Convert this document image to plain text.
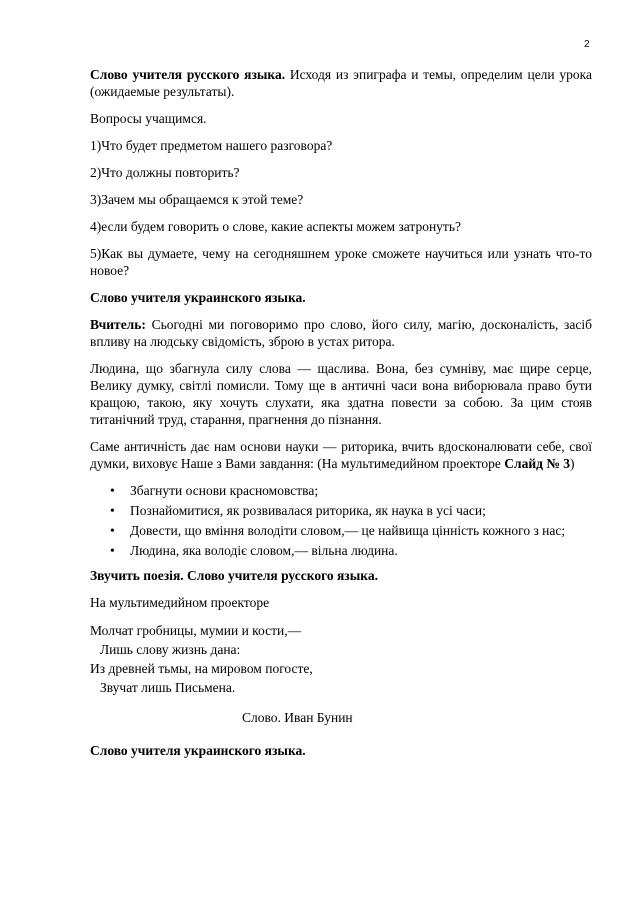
2

Слово учителя русского языка. Исходя из эпиграфа и темы, определим цели урока (ожидаемые результаты).

Вопросы учащимся.

1)Что будет предметом нашего разговора?

2)Что должны повторить?

3)Зачем мы обращаемся к этой теме?

4)если будем говорить о слове, какие аспекты можем затронуть?

5)Как вы думаете, чему на сегодняшнем уроке сможете научиться или узнать что-то новое?

Слово учителя украинского языка.

Вчитель: Сьогодні ми поговоримо про слово, його силу, магію, досконалість, засіб впливу на людську свідомість, зброю в устах ритора.

Людина, що збагнула силу слова — щаслива. Вона, без сумніву, має щире серце, Велику думку, світлі помисли. Тому ще в античні часи вона виборювала право бути кращою, такою, яку хочуть слухати, яка здатна повести за собою. За цим стояв титанічний труд, старання, прагнення до пізнання.

Саме античність дає нам основи науки — риторика, вчить вдосконалювати себе, свої думки, виховує Наше з Вами завдання: (На мультимедийном проекторе Слайд № 3)

• Збагнути основи красномовства;
• Познайомитися, як розвивалася риторика, як наука в усі часи;
• Довести, що вміння володіти словом,— це найвища цінність кожного з нас;
• Людина, яка володіє словом,— вільна людина.

Звучить поезія. Слово учителя русского языка.

На мультимедийном проекторе

Молчат гробницы, мумии и кости,—
Лишь слову жизнь дана:
Из древней тьмы, на мировом погосте,
Звучат лишь Письмена.

Слово. Иван Бунин

Слово учителя украинского языка.
